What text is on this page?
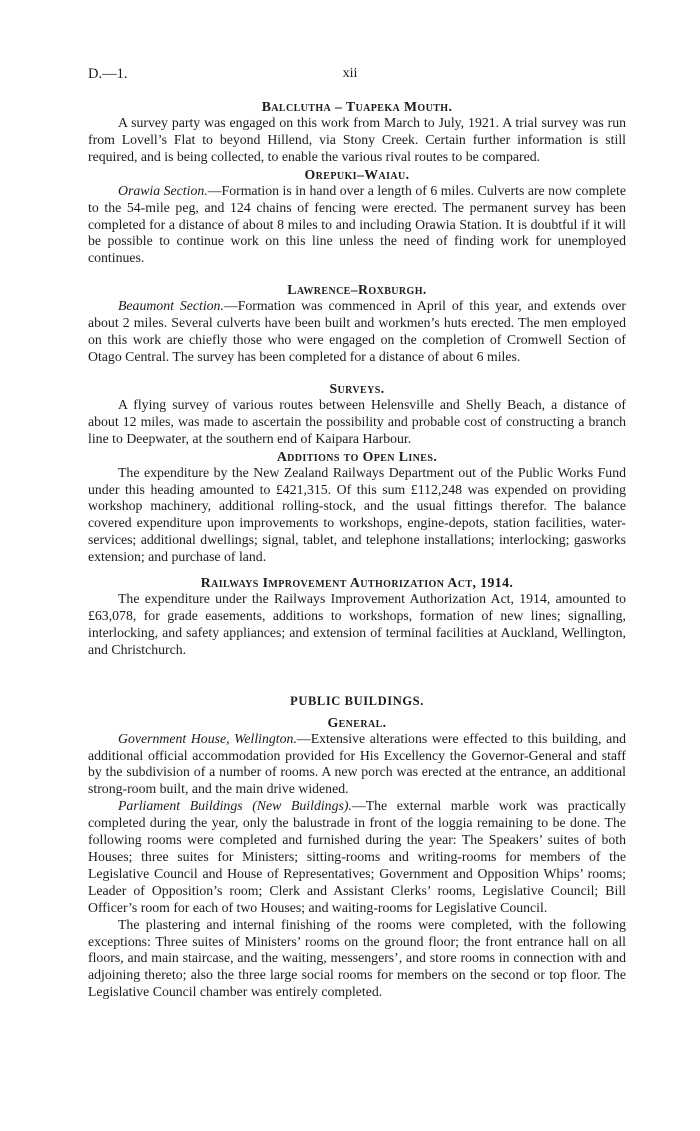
D.—1.	xii
Balclutha – Tuapeka Mouth.

A survey party was engaged on this work from March to July, 1921. A trial survey was run from Lovell’s Flat to beyond Hillend, via Stony Creek. Certain further information is still required, and is being collected, to enable the various rival routes to be compared.

Orepuki–Waiau.

Orawia Section.—Formation is in hand over a length of 6 miles. Culverts are now complete to the 54-mile peg, and 124 chains of fencing were erected. The permanent survey has been completed for a distance of about 8 miles to and including Orawia Station. It is doubtful if it will be possible to continue work on this line unless the need of finding work for unemployed continues.

Lawrence–Roxburgh.

Beaumont Section.—Formation was commenced in April of this year, and extends over about 2 miles. Several culverts have been built and workmen’s huts erected. The men employed on this work are chiefly those who were engaged on the completion of Cromwell Section of Otago Central. The survey has been completed for a distance of about 6 miles.

Surveys.

A flying survey of various routes between Helensville and Shelly Beach, a distance of about 12 miles, was made to ascertain the possibility and probable cost of constructing a branch line to Deepwater, at the southern end of Kaipara Harbour.

Additions to Open Lines.

The expenditure by the New Zealand Railways Department out of the Public Works Fund under this heading amounted to £421,315. Of this sum £112,248 was expended on providing workshop machinery, additional rolling-stock, and the usual fittings therefor. The balance covered expenditure upon improvements to workshops, engine-depots, station facilities, water-services; additional dwellings; signal, tablet, and telephone installations; interlocking; gasworks extension; and purchase of land.

Railways Improvement Authorization Act, 1914.

The expenditure under the Railways Improvement Authorization Act, 1914, amounted to £63,078, for grade easements, additions to workshops, formation of new lines; signalling, interlocking, and safety appliances; and extension of terminal facilities at Auckland, Wellington, and Christchurch.

PUBLIC BUILDINGS.
General.

Government House, Wellington.—Extensive alterations were effected to this building, and additional official accommodation provided for His Excellency the Governor-General and staff by the subdivision of a number of rooms. A new porch was erected at the entrance, an additional strong-room built, and the main drive widened.

Parliament Buildings (New Buildings).—The external marble work was practically completed during the year, only the balustrade in front of the loggia remaining to be done. The following rooms were completed and furnished during the year: The Speakers’ suites of both Houses; three suites for Ministers; sitting-rooms and writing-rooms for members of the Legislative Council and House of Representatives; Government and Opposition Whips’ rooms; Leader of Opposition’s room; Clerk and Assistant Clerks’ rooms, Legislative Council; Bill Officer’s room for each of two Houses; and waiting-rooms for Legislative Council.

The plastering and internal finishing of the rooms were completed, with the following exceptions: Three suites of Ministers’ rooms on the ground floor; the front entrance hall on all floors, and main staircase, and the waiting, messengers’, and store rooms in connection with and adjoining thereto; also the three large social rooms for members on the second or top floor. The Legislative Council chamber was entirely completed.
